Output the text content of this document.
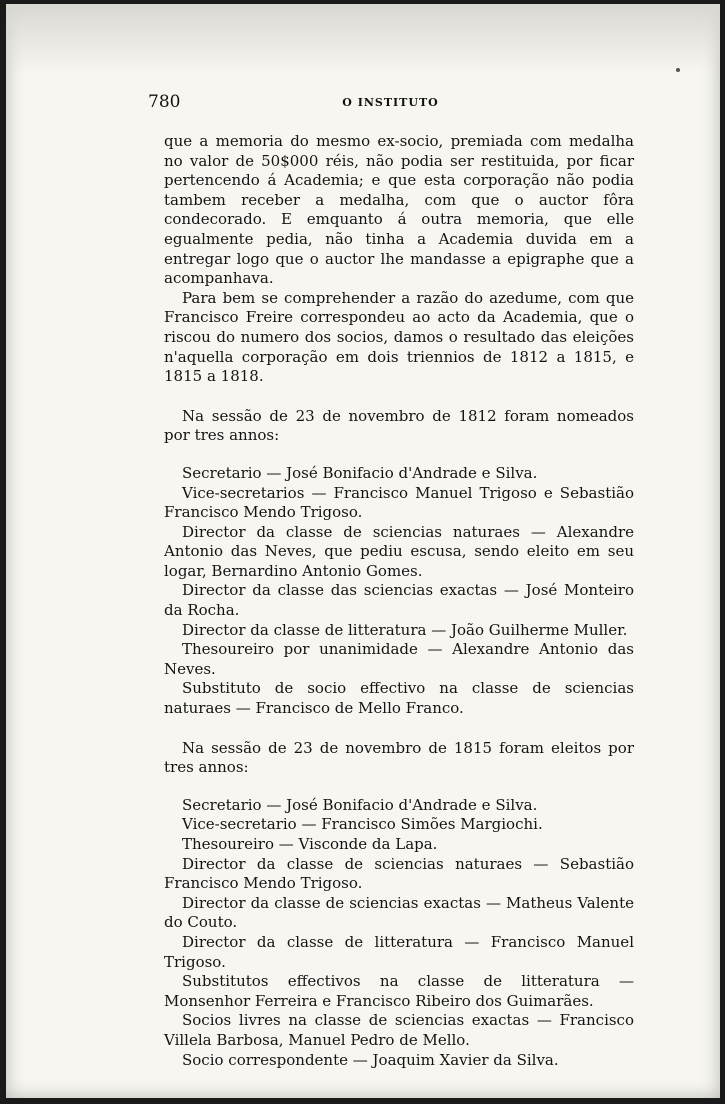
780	O INSTITUTO

que a memoria do mesmo ex-socio, premiada com medalha no valor de 50$000 réis, não podia ser restituida, por ficar pertencendo á Academia; e que esta corporação não podia tambem receber a medalha, com que o auctor fôra condecorado. E emquanto á outra memoria, que elle egualmente pedia, não tinha a Academia duvida em a entregar logo que o auctor lhe mandasse a epigraphe que a acompanhava.

Para bem se comprehender a razão do azedume, com que Francisco Freire correspondeu ao acto da Academia, que o riscou do numero dos socios, damos o resultado das eleições n'aquella corporação em dois triennios de 1812 a 1815, e 1815 a 1818.

Na sessão de 23 de novembro de 1812 foram nomeados por tres annos:

Secretario — José Bonifacio d'Andrade e Silva.

Vice-secretarios — Francisco Manuel Trigoso e Sebastião Francisco Mendo Trigoso.

Director da classe de sciencias naturaes — Alexandre Antonio das Neves, que pediu escusa, sendo eleito em seu logar, Bernardino Antonio Gomes.

Director da classe das sciencias exactas — José Monteiro da Rocha.

Director da classe de litteratura — João Guilherme Muller.

Thesoureiro por unanimidade — Alexandre Antonio das Neves.

Substituto de socio effectivo na classe de sciencias naturaes — Francisco de Mello Franco.

Na sessão de 23 de novembro de 1815 foram eleitos por tres annos:

Secretario — José Bonifacio d'Andrade e Silva.

Vice-secretario — Francisco Simões Margiochi.

Thesoureiro — Visconde da Lapa.

Director da classe de sciencias naturaes — Sebastião Francisco Mendo Trigoso.

Director da classe de sciencias exactas — Matheus Valente do Couto.

Director da classe de litteratura — Francisco Manuel Trigoso.

Substitutos effectivos na classe de litteratura — Monsenhor Ferreira e Francisco Ribeiro dos Guimarães.

Socios livres na classe de sciencias exactas — Francisco Villela Barbosa, Manuel Pedro de Mello.

Socio correspondente — Joaquim Xavier da Silva.
